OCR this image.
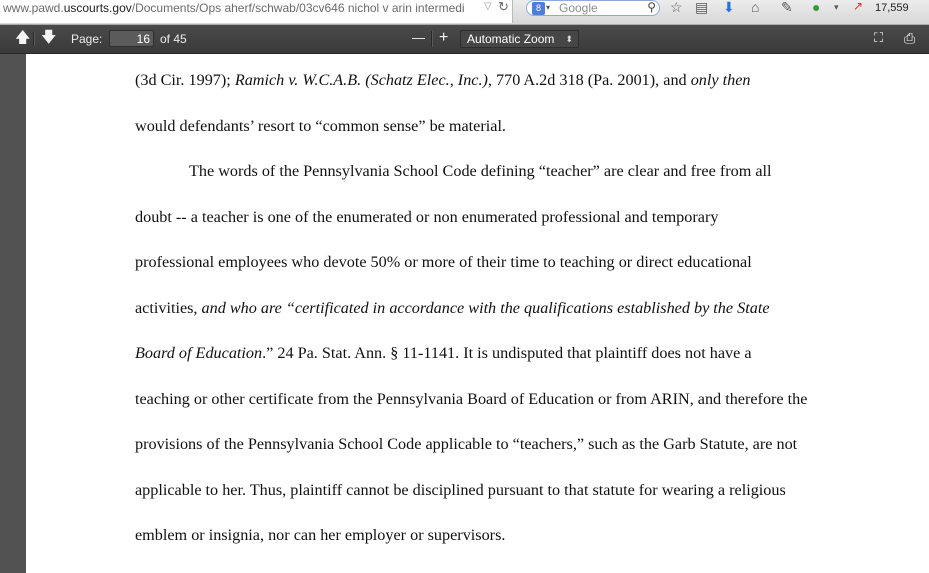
www.pawd.uscourts.gov/Documents/Ops aherf/schwab/03cv646 nichol v arin intermedi	▽ ↻	8 ▾ Google	⚲ ☆ ▤ ⬇ ⌂ ✎ ● ▾ ↗ 17,559
🡅 🡇 Page:
16	of 45	— +	Automatic Zoom ⬍	⛶ ⎙
(3d Cir. 1997); Ramich v. W.C.A.B. (Schatz Elec., Inc.), 770 A.2d 318 (Pa. 2001), and only then
would defendants’ resort to “common sense” be material.
The words of the Pennsylvania School Code defining “teacher” are clear and free from all
doubt -- a teacher is one of the enumerated or non enumerated professional and temporary
professional employees who devote 50% or more of their time to teaching or direct educational
activities, and who are “certificated in accordance with the qualifications established by the State
Board of Education.” 24 Pa. Stat. Ann. § 11-1141. It is undisputed that plaintiff does not have a
teaching or other certificate from the Pennsylvania Board of Education or from ARIN, and therefore the
provisions of the Pennsylvania School Code applicable to “teachers,” such as the Garb Statute, are not
applicable to her. Thus, plaintiff cannot be disciplined pursuant to that statute for wearing a religious
emblem or insignia, nor can her employer or supervisors.
